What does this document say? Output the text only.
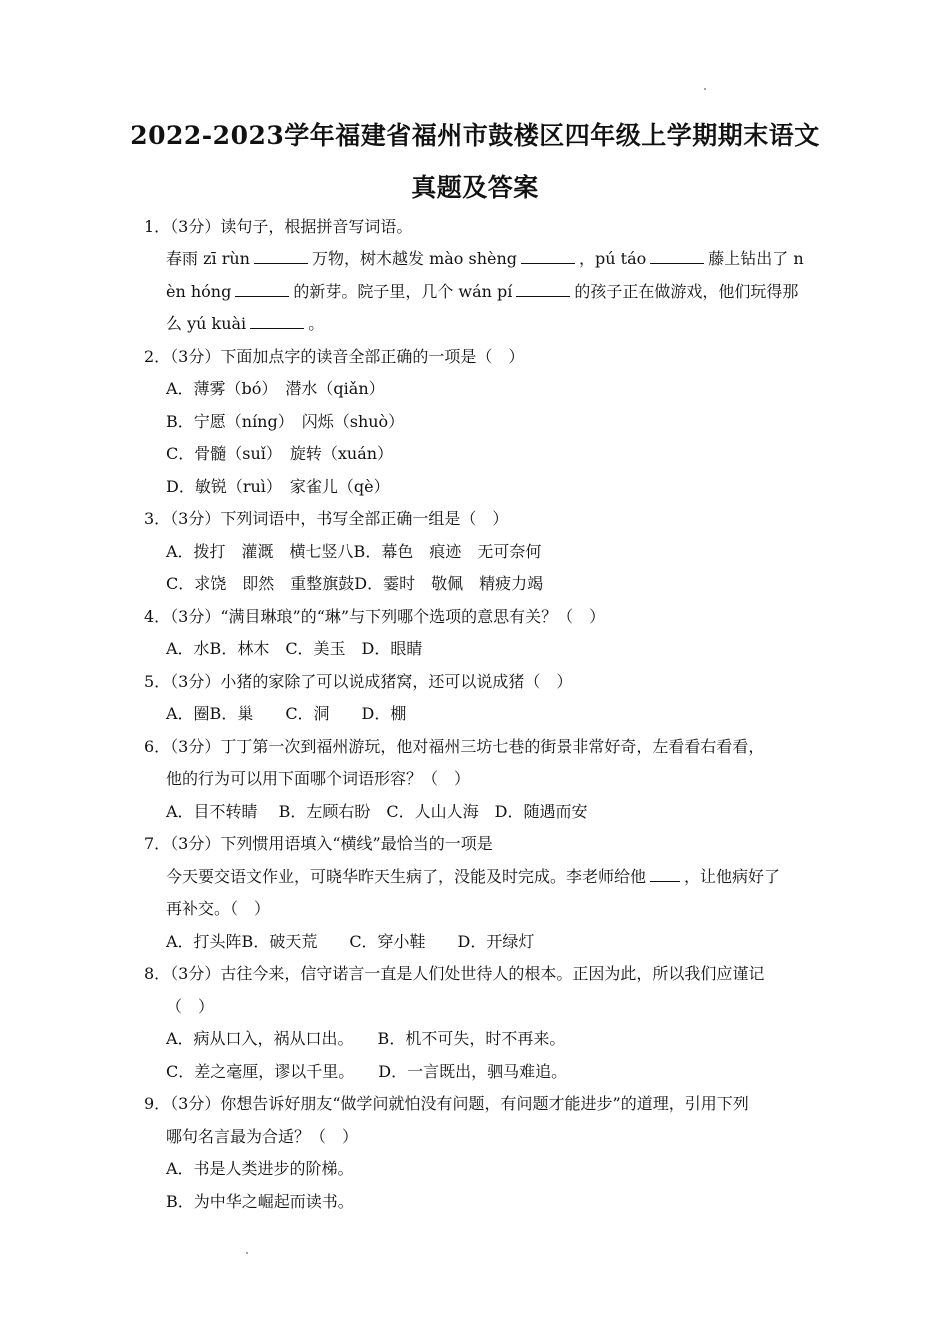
2022-2023学年福建省福州市鼓楼区四年级上学期期末语文
真题及答案
1．（3分）读句子，根据拼音写词语。
春雨 zī rùn	万物，树木越发 mào shèng	，pú táo	藤上钻出了 n
èn hóng	的新芽。院子里，几个 wán pí	的孩子正在做游戏，他们玩得那
么 yú kuài	。
2．（3分）下面加点字的读音全部正确的一项是（　）
A．薄雾（bó）　潜水（qiǎn）
B．宁愿（níng）　闪烁（shuò）
C．骨髓（suǐ）　旋转（xuán）
D．敏锐（ruì）　家雀儿（qè）
3．（3分）下列词语中，书写全部正确一组是（　）
A．拨打　灌溉　横七竖八B．幕色　痕迹　无可奈何
C．求饶　即然　重整旗鼓D．霎时　敬佩　精疲力竭
4．（3分）“满目琳琅”的“琳”与下列哪个选项的意思有关？（　）
A．水B．林木　C．美玉　D．眼睛
5．（3分）小猪的家除了可以说成猪窝，还可以说成猪（　）
A．圈B．巢　　C．洞　　D．棚
6．（3分）丁丁第一次到福州游玩，他对福州三坊七巷的街景非常好奇，左看看右看看，
他的行为可以用下面哪个词语形容？（　）
A．目不转睛　 B．左顾右盼　C．人山人海　D．随遇而安
7．（3分）下列惯用语填入“横线”最恰当的一项是
今天要交语文作业，可晓华昨天生病了，没能及时完成。李老师给他 ，让他病好了
再补交。（　）
A．打头阵B．破天荒　　C．穿小鞋　　D．开绿灯
8．（3分）古往今来，信守诺言一直是人们处世待人的根本。正因为此，所以我们应谨记
（　）
A．病从口入，祸从口出。　　B．机不可失，时不再来。
C．差之毫厘，谬以千里。　　D．一言既出，驷马难追。
9．（3分）你想告诉好朋友“做学问就怕没有问题，有问题才能进步”的道理，引用下列
哪句名言最为合适？（　）
A．书是人类进步的阶梯。
B．为中华之崛起而读书。
